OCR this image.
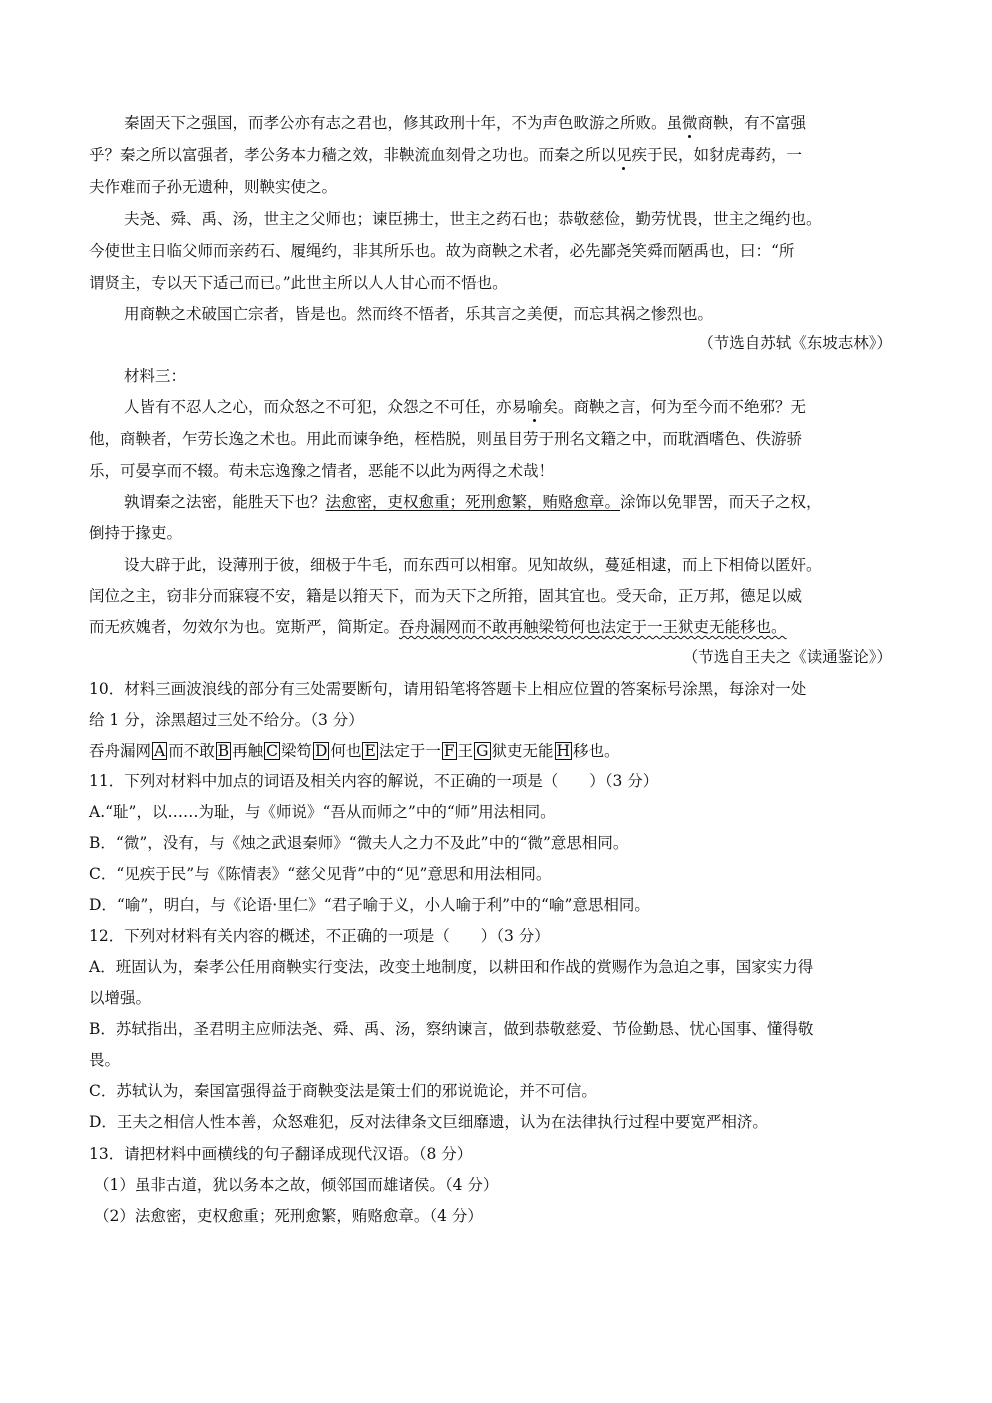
秦固天下之强国，而孝公亦有志之君也，修其政刑十年，不为声色畋游之所败。虽微商鞅，有不富强
乎？秦之所以富强者，孝公务本力穑之效，非鞅流血刻骨之功也。而秦之所以见疾于民，如豺虎毒药，一
夫作难而子孙无遗种，则鞅实使之。
夫尧、舜、禹、汤，世主之父师也；谏臣拂士，世主之药石也；恭敬慈俭，勤劳忧畏，世主之绳约也。
今使世主日临父师而亲药石、履绳约，非其所乐也。故为商鞅之术者，必先鄙尧笑舜而陋禹也，曰：“所
谓贤主，专以天下适己而已。”此世主所以人人甘心而不悟也。
用商鞅之术破国亡宗者，皆是也。然而终不悟者，乐其言之美便，而忘其祸之惨烈也。
（节选自苏轼《东坡志林》）
材料三：
人皆有不忍人之心，而众怒之不可犯，众怨之不可任，亦易喻矣。商鞅之言，何为至今而不绝邪？无
他，商鞅者，乍劳长逸之术也。用此而谏争绝，桎梏脱，则虽目劳于刑名文籍之中，而耽酒嗜色、佚游骄
乐，可晏享而不辍。苟未忘逸豫之情者，恶能不以此为两得之术哉！
孰谓秦之法密，能胜天下也？法愈密，吏权愈重；死刑愈繁，贿赂愈章。涂饰以免罪罟，而天子之权，
倒持于掾吏。
设大辟于此，设薄刑于彼，细极于牛毛，而东西可以相窜。见知故纵，蔓延相逮，而上下相倚以匿奸。
闰位之主，窃非分而寐寝不安，籍是以箝天下，而为天下之所箝，固其宜也。受天命，正万邦，德足以威
而无疚媿者，勿效尔为也。宽斯严，简斯定。吞舟漏网而不敢再触梁笱何也法定于一王狱吏无能移也。
（节选自王夫之《读通鉴论》）
10．材料三画波浪线的部分有三处需要断句，请用铅笔将答题卡上相应位置的答案标号涂黑，每涂对一处
给 1 分，涂黑超过三处不给分。（3 分）
吞舟漏网 A 而不敢 B 再触 C 梁笱 D 何也 E 法定于一 F 王 G 狱吏无能 H 移也。
11．下列对材料中加点的词语及相关内容的解说，不正确的一项是（　　）（3 分）
A.“耻”，以……为耻，与《师说》“吾从而师之”中的“师”用法相同。
B．“微”，没有，与《烛之武退秦师》“微夫人之力不及此”中的“微”意思相同。
C．“见疾于民”与《陈情表》“慈父见背”中的“见”意思和用法相同。
D．“喻”，明白，与《论语·里仁》“君子喻于义，小人喻于利”中的“喻”意思相同。
12．下列对材料有关内容的概述，不正确的一项是（　　）（3 分）
A．班固认为，秦孝公任用商鞅实行变法，改变土地制度，以耕田和作战的赏赐作为急迫之事，国家实力得
以增强。
B．苏轼指出，圣君明主应师法尧、舜、禹、汤，察纳谏言，做到恭敬慈爱、节俭勤恳、忧心国事、懂得敬
畏。
C．苏轼认为，秦国富强得益于商鞅变法是策士们的邪说诡论，并不可信。
D．王夫之相信人性本善，众怒难犯，反对法律条文巨细靡遗，认为在法律执行过程中要宽严相济。
13．请把材料中画横线的句子翻译成现代汉语。（8 分）
（1）虽非古道，犹以务本之故，倾邻国而雄诸侯。（4 分）
（2）法愈密，吏权愈重；死刑愈繁，贿赂愈章。（4 分）
